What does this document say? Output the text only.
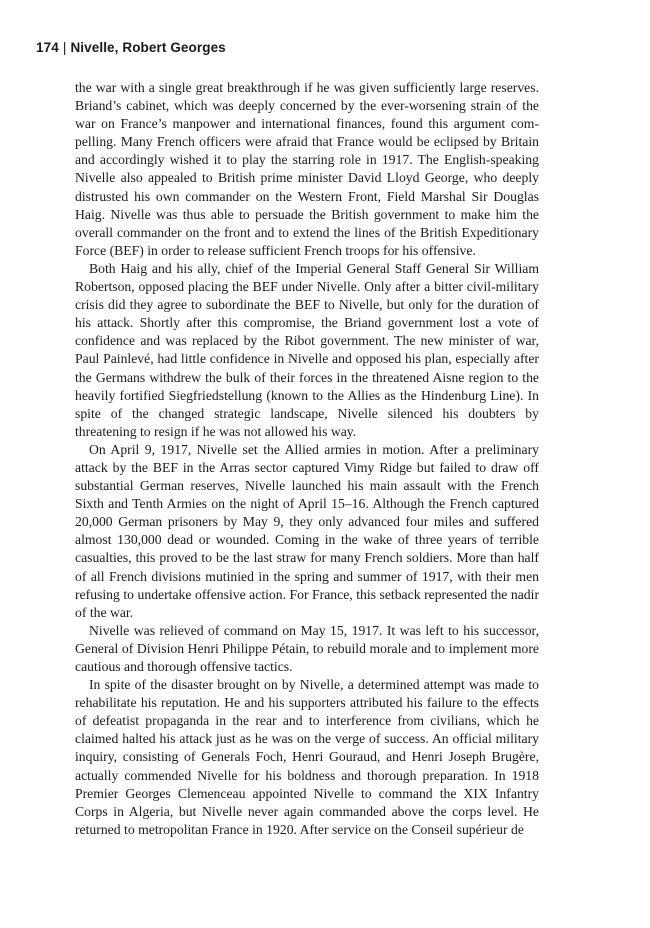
174 | Nivelle, Robert Georges

the war with a single great breakthrough if he was given sufficiently large reserves. Briand’s cabinet, which was deeply concerned by the ever-worsening strain of the war on France’s manpower and international finances, found this argument compelling. Many French officers were afraid that France would be eclipsed by Britain and accordingly wished it to play the starring role in 1917. The English-speaking Nivelle also appealed to British prime minister David Lloyd George, who deeply distrusted his own commander on the Western Front, Field Marshal Sir Douglas Haig. Nivelle was thus able to persuade the British government to make him the overall commander on the front and to extend the lines of the British Expeditionary Force (BEF) in order to release sufficient French troops for his offensive.

Both Haig and his ally, chief of the Imperial General Staff General Sir William Robertson, opposed placing the BEF under Nivelle. Only after a bitter civil-military crisis did they agree to subordinate the BEF to Nivelle, but only for the duration of his attack. Shortly after this compromise, the Briand government lost a vote of confidence and was replaced by the Ribot government. The new minister of war, Paul Painlevé, had little confidence in Nivelle and opposed his plan, especially after the Germans withdrew the bulk of their forces in the threatened Aisne region to the heavily fortified Siegfriedstellung (known to the Allies as the Hindenburg Line). In spite of the changed strategic landscape, Nivelle silenced his doubters by threatening to resign if he was not allowed his way.

On April 9, 1917, Nivelle set the Allied armies in motion. After a preliminary attack by the BEF in the Arras sector captured Vimy Ridge but failed to draw off substantial German reserves, Nivelle launched his main assault with the French Sixth and Tenth Armies on the night of April 15–16. Although the French captured 20,000 German prisoners by May 9, they only advanced four miles and suffered almost 130,000 dead or wounded. Coming in the wake of three years of terrible casualties, this proved to be the last straw for many French soldiers. More than half of all French divisions mutinied in the spring and summer of 1917, with their men refusing to undertake offensive action. For France, this setback represented the nadir of the war.

Nivelle was relieved of command on May 15, 1917. It was left to his successor, General of Division Henri Philippe Pétain, to rebuild morale and to implement more cautious and thorough offensive tactics.

In spite of the disaster brought on by Nivelle, a determined attempt was made to rehabilitate his reputation. He and his supporters attributed his failure to the effects of defeatist propaganda in the rear and to interference from civilians, which he claimed halted his attack just as he was on the verge of success. An official military inquiry, consisting of Generals Foch, Henri Gouraud, and Henri Joseph Brugère, actually commended Nivelle for his boldness and thorough preparation. In 1918 Premier Georges Clemenceau appointed Nivelle to command the XIX Infantry Corps in Algeria, but Nivelle never again commanded above the corps level. He returned to metropolitan France in 1920. After service on the Conseil supérieur de
